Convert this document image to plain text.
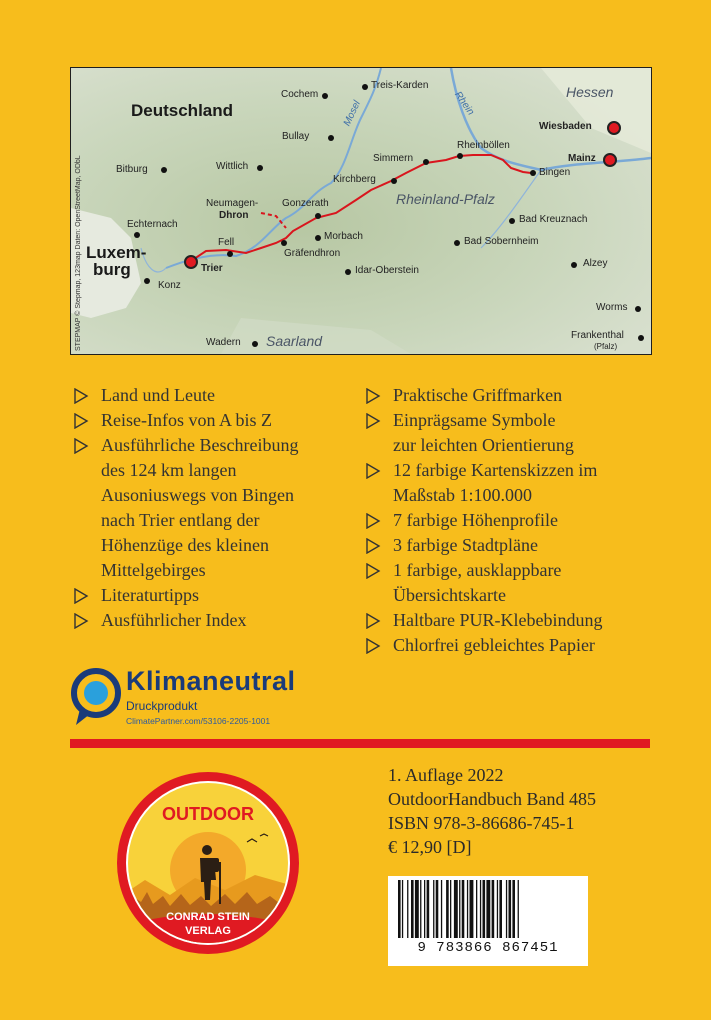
Deutschland
Luxem-
burg
Hessen
Rheinland-Pfalz
Saarland
Mosel	Rhein
STEPMAP © Stepmap, 123map Daten: OpenStreetMap, ODbL
Treis-Karden
Cochem
Wiesbaden
Mainz
Bullay
Rheinböllen
Bitburg	Wittlich
Simmern
Bingen
Kirchberg
Neumagen-
Dhron
Gonzerath
Echternach	Bad Kreuznach
Fell
Morbach	Bad Sobernheim
Gräfendhron
Trier	Idar-Oberstein
Alzey
Konz
Worms
Wadern
Frankenthal
(Pfalz)
Land und Leute
Reise-Infos von A bis Z
Ausführliche Beschreibung
des 124 km langen
Ausoniuswegs von Bingen
nach Trier entlang der
Höhenzüge des kleinen
Mittelgebirges
Literaturtipps
Ausführlicher Index
Praktische Griffmarken
Einprägsame Symbole
zur leichten Orientierung
12 farbige Kartenskizzen im
Maßstab 1:100.000
7 farbige Höhenprofile
3 farbige Stadtpläne
1 farbige, ausklappbare
Übersichtskarte
Haltbare PUR-Klebebindung
Chlorfrei gebleichtes Papier
Klimaneutral
Druckprodukt
ClimatePartner.com/53106-2205-1001
OUTDOOR
CONRAD STEIN
VERLAG
1. Auflage 2022
OutdoorHandbuch Band 485
ISBN 978-3-86686-745-1
€ 12,90 [D]
9 783866 867451
